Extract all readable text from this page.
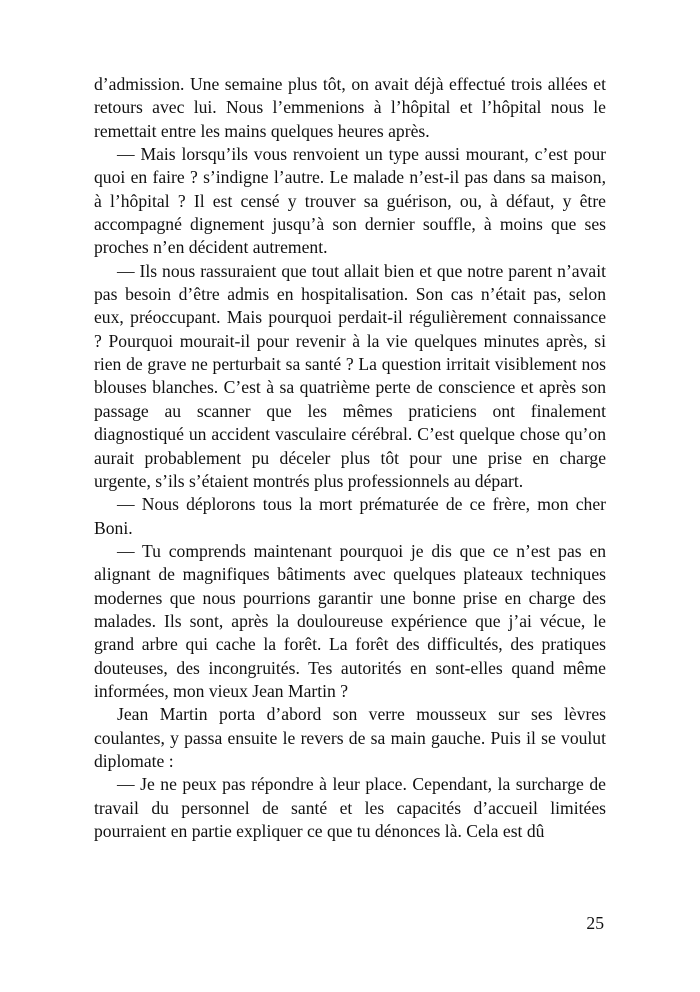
d’admission. Une semaine plus tôt, on avait déjà effectué trois allées et retours avec lui. Nous l’emmenions à l’hôpital et l’hôpital nous le remettait entre les mains quelques heures après.

— Mais lorsqu’ils vous renvoient un type aussi mourant, c’est pour quoi en faire ? s’indigne l’autre. Le malade n’est-il pas dans sa maison, à l’hôpital ? Il est censé y trouver sa guérison, ou, à défaut, y être accompagné dignement jusqu’à son dernier souffle, à moins que ses proches n’en décident autrement.

— Ils nous rassuraient que tout allait bien et que notre parent n’avait pas besoin d’être admis en hospitalisation. Son cas n’était pas, selon eux, préoccupant. Mais pourquoi perdait-il régulièrement connaissance ? Pourquoi mourait-il pour revenir à la vie quelques minutes après, si rien de grave ne perturbait sa santé ? La question irritait visiblement nos blouses blanches. C’est à sa quatrième perte de conscience et après son passage au scanner que les mêmes praticiens ont finalement diagnostiqué un accident vasculaire cérébral. C’est quelque chose qu’on aurait probablement pu déceler plus tôt pour une prise en charge urgente, s’ils s’étaient montrés plus professionnels au départ.

— Nous déplorons tous la mort prématurée de ce frère, mon cher Boni.

— Tu comprends maintenant pourquoi je dis que ce n’est pas en alignant de magnifiques bâtiments avec quelques plateaux techniques modernes que nous pourrions garantir une bonne prise en charge des malades. Ils sont, après la douloureuse expérience que j’ai vécue, le grand arbre qui cache la forêt. La forêt des difficultés, des pratiques douteuses, des incongruités. Tes autorités en sont-elles quand même informées, mon vieux Jean Martin ?

Jean Martin porta d’abord son verre mousseux sur ses lèvres coulantes, y passa ensuite le revers de sa main gauche. Puis il se voulut diplomate :

— Je ne peux pas répondre à leur place. Cependant, la surcharge de travail du personnel de santé et les capacités d’accueil limitées pourraient en partie expliquer ce que tu dénonces là. Cela est dû

25
